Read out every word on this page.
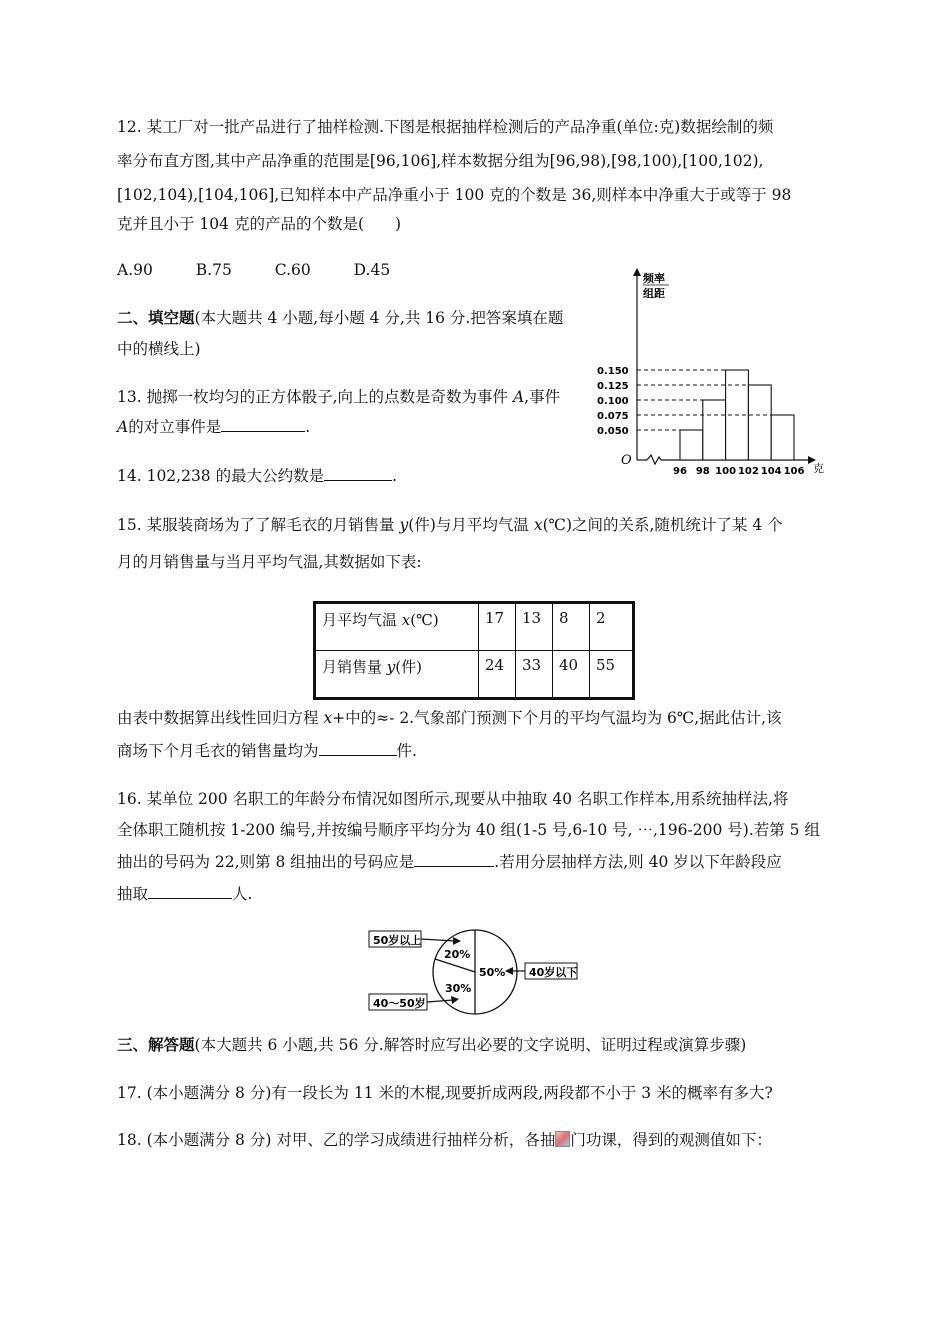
12. 某工厂对一批产品进行了抽样检测.下图是根据抽样检测后的产品净重(单位:克)数据绘制的频
率分布直方图,其中产品净重的范围是[96,106],样本数据分组为[96,98),[98,100),[100,102),
[102,104),[104,106],已知样本中产品净重小于 100 克的个数是 36,则样本中净重大于或等于 98
克并且小于 104 克的产品的个数是(　　)
A.90	B.75	C.60	D.45	频率
组距
O
克
0.150
0.125
0.100
0.075
0.050
96 98 100 102 104 106
二、填空题(本大题共 4 小题,每小题 4 分,共 16 分.把答案填在题
中的横线上)
13. 抛掷一枚均匀的正方体骰子,向上的点数是奇数为事件 A,事件
A的对立事件是	.
14. 102,238 的最大公约数是	.
15. 某服装商场为了了解毛衣的月销售量 y(件)与月平均气温 x(℃)之间的关系,随机统计了某 4 个
月的月销售量与当月平均气温,其数据如下表:
月平均气温 x(℃)	17	13	8	2
月销售量 y(件)	24	33	40	55
由表中数据算出线性回归方程 x+中的≈- 2.气象部门预测下个月的平均气温均为 6℃,据此估计,该
商场下个月毛衣的销售量均为	件.
16. 某单位 200 名职工的年龄分布情况如图所示,现要从中抽取 40 名职工作样本,用系统抽样法,将
全体职工随机按 1-200 编号,并按编号顺序平均分为 40 组(1-5 号,6-10 号, ⋯,196-200 号).若第 5 组
抽出的号码为 22,则第 8 组抽出的号码应是	.若用分层抽样方法,则 40 岁以下年龄段应
抽取	人.
50岁以上
40～50岁
40岁以下
20%
30%
50%
三、解答题(本大题共 6 小题,共 56 分.解答时应写出必要的文字说明、证明过程或演算步骤)
17. (本小题满分 8 分)有一段长为 11 米的木棍,现要折成两段,两段都不小于 3 米的概率有多大?
18. (本小题满分 8 分) 对甲、乙的学习成绩进行抽样分析，各抽 门功课，得到的观测值如下：
